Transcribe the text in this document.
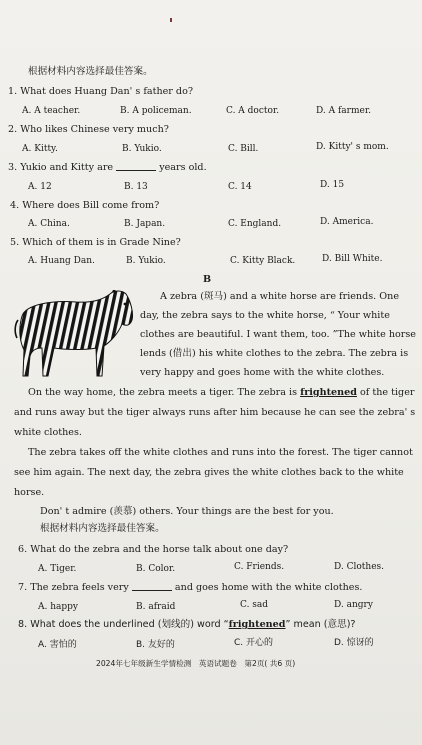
根据材料内容选择最佳答案。
1. What does Huang Dan' s father do?
A. A teacher.	B. A policeman.	C. A doctor.	D. A farmer.
2. Who likes Chinese very much?
A. Kitty.	B. Yukio.	C. Bill.	D. Kitty' s mom.
3. Yukio and Kitty are	years old.
A. 12	B. 13	C. 14	D. 15
4. Where does Bill come from?
A. China.	B. Japan.	C. England.	D. America.
5. Which of them is in Grade Nine?
A. Huang Dan.	B. Yukio.	C. Kitty Black.	D. Bill White.
B
A zebra (斑马) and a white horse are friends. One
day, the zebra says to the white horse, “ Your white
clothes are beautiful. I want them, too. ”The white horse
lends (借出) his white clothes to the zebra. The zebra is
very happy and goes home with the white clothes.
On the way home, the zebra meets a tiger. The zebra is frightened of the tiger
and runs away but the tiger always runs after him because he can see the zebra' s
white clothes.
The zebra takes off the white clothes and runs into the forest. The tiger cannot
see him again. The next day, the zebra gives the white clothes back to the white
horse.
Don' t admire (羡慕) others. Your things are the best for you.
根据材料内容选择最佳答案。
6. What do the zebra and the horse talk about one day?
A. Tiger.	B. Color.	C. Friends.	D. Clothes.
7. The zebra feels very	and goes home with the white clothes.
A. happy	B. afraid	C. sad	D. angry
8. What does the underlined (划线的) word “frightened” mean (意思)?
A. 害怕的	B. 友好的	C. 开心的	D. 惊讶的
2024年七年级新生学情检测　英语试题卷　第2页( 共6 页)
